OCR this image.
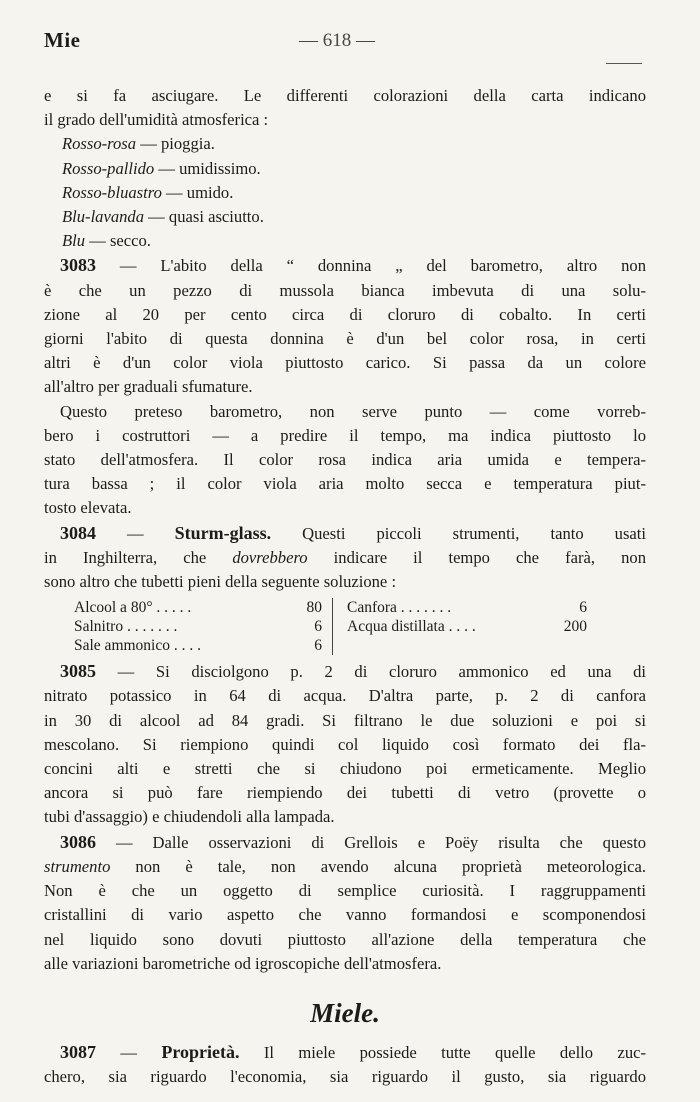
Mie	— 618 —
e si fa asciugare. Le differenti colorazioni della carta indicano
il grado dell'umidità atmosferica :
Rosso-rosa — pioggia.
Rosso-pallido — umidissimo.
Rosso-bluastro — umido.
Blu-lavanda — quasi asciutto.
Blu — secco.
3083 — L'abito della “ donnina „ del barometro, altro non
è che un pezzo di mussola bianca imbevuta di una solu-
zione al 20 per cento circa di cloruro di cobalto. In certi
giorni l'abito di questa donnina è d'un bel color rosa, in certi
altri è d'un color viola piuttosto carico. Si passa da un colore
all'altro per graduali sfumature.
Questo preteso barometro, non serve punto — come vorreb-
bero i costruttori — a predire il tempo, ma indica piuttosto lo
stato dell'atmosfera. Il color rosa indica aria umida e tempera-
tura bassa ; il color viola aria molto secca e temperatura piut-
tosto elevata.
3084 — Sturm-glass. Questi piccoli strumenti, tanto usati
in Inghilterra, che dovrebbero indicare il tempo che farà, non
sono altro che tubetti pieni della seguente soluzione :
Alcool a 80° . . . . .	80
Salnitro . . . . . . .	6
Sale ammonico . . . .	6
Canfora . . . . . . .	6
Acqua distillata . . . .	200
3085 — Si disciolgono p. 2 di cloruro ammonico ed una di
nitrato potassico in 64 di acqua. D'altra parte, p. 2 di canfora
in 30 di alcool ad 84 gradi. Si filtrano le due soluzioni e poi si
mescolano. Si riempiono quindi col liquido così formato dei fla-
concini alti e stretti che si chiudono poi ermeticamente. Meglio
ancora si può fare riempiendo dei tubetti di vetro (provette o
tubi d'assaggio) e chiudendoli alla lampada.
3086 — Dalle osservazioni di Grellois e Poëy risulta che questo
strumento non è tale, non avendo alcuna proprietà meteorologica.
Non è che un oggetto di semplice curiosità. I raggruppamenti
cristallini di vario aspetto che vanno formandosi e scomponendosi
nel liquido sono dovuti piuttosto all'azione della temperatura che
alle variazioni barometriche od igroscopiche dell'atmosfera.
Miele.
3087 — Proprietà. Il miele possiede tutte quelle dello zuc-
chero, sia riguardo l'economia, sia riguardo il gusto, sia riguardo
